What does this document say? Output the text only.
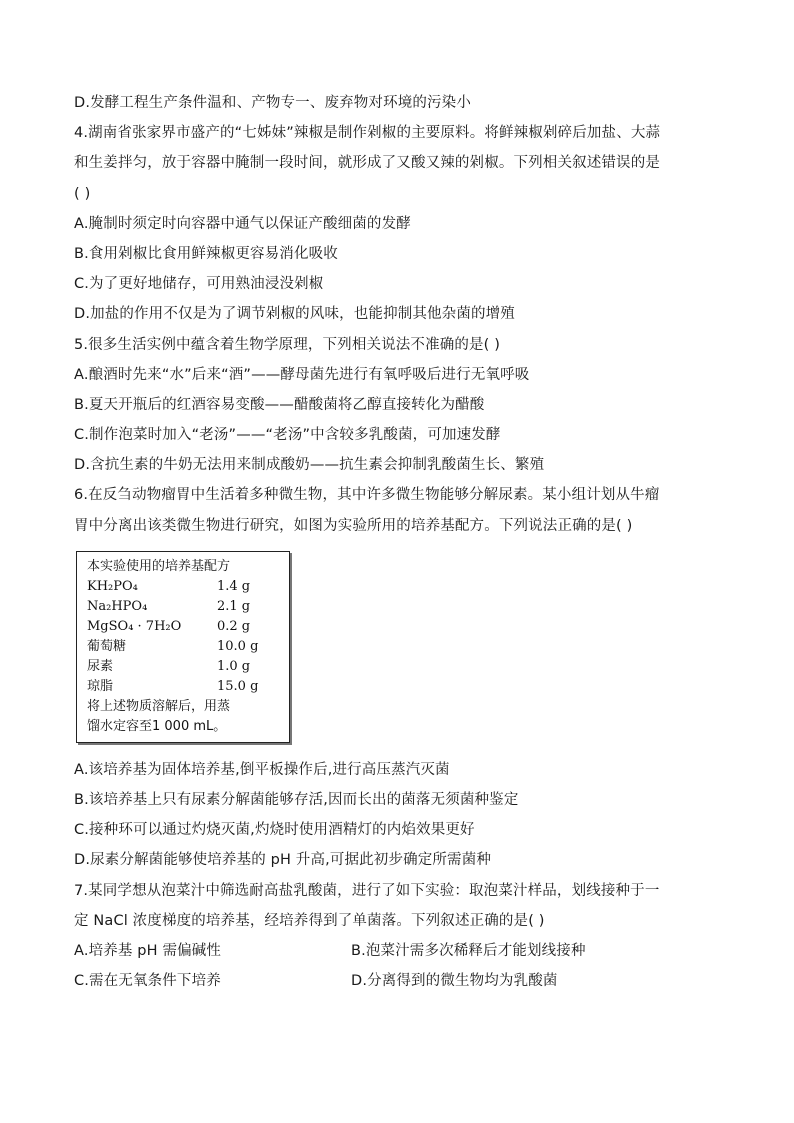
D.发酵工程生产条件温和、产物专一、废弃物对环境的污染小
4.湖南省张家界市盛产的“七姊妹”辣椒是制作剁椒的主要原料。将鲜辣椒剁碎后加盐、大蒜
和生姜拌匀，放于容器中腌制一段时间，就形成了又酸又辣的剁椒。下列相关叙述错误的是
( )
A.腌制时须定时向容器中通气以保证产酸细菌的发酵
B.食用剁椒比食用鲜辣椒更容易消化吸收
C.为了更好地储存，可用熟油浸没剁椒
D.加盐的作用不仅是为了调节剁椒的风味，也能抑制其他杂菌的增殖
5.很多生活实例中蕴含着生物学原理，下列相关说法不准确的是( )
A.酿酒时先来“水”后来“酒”——酵母菌先进行有氧呼吸后进行无氧呼吸
B.夏天开瓶后的红酒容易变酸——醋酸菌将乙醇直接转化为醋酸
C.制作泡菜时加入“老汤”——“老汤”中含较多乳酸菌，可加速发酵
D.含抗生素的牛奶无法用来制成酸奶——抗生素会抑制乳酸菌生长、繁殖
6.在反刍动物瘤胃中生活着多种微生物，其中许多微生物能够分解尿素。某小组计划从牛瘤
胃中分离出该类微生物进行研究，如图为实验所用的培养基配方。下列说法正确的是( )
本实验使用的培养基配方
KH₂PO₄	1.4 g
Na₂HPO₄	2.1 g
MgSO₄ · 7H₂O	0.2 g
葡萄糖	10.0 g
尿素	1.0 g
琼脂	15.0 g
将上述物质溶解后，用蒸
馏水定容至1 000 mL。
A.该培养基为固体培养基,倒平板操作后,进行高压蒸汽灭菌
B.该培养基上只有尿素分解菌能够存活,因而长出的菌落无须菌种鉴定
C.接种环可以通过灼烧灭菌,灼烧时使用酒精灯的内焰效果更好
D.尿素分解菌能够使培养基的 pH 升高,可据此初步确定所需菌种
7.某同学想从泡菜汁中筛选耐高盐乳酸菌，进行了如下实验：取泡菜汁样品，划线接种于一
定 NaCl 浓度梯度的培养基，经培养得到了单菌落。下列叙述正确的是( )
A.培养基 pH 需偏碱性	B.泡菜汁需多次稀释后才能划线接种
C.需在无氧条件下培养	D.分离得到的微生物均为乳酸菌
